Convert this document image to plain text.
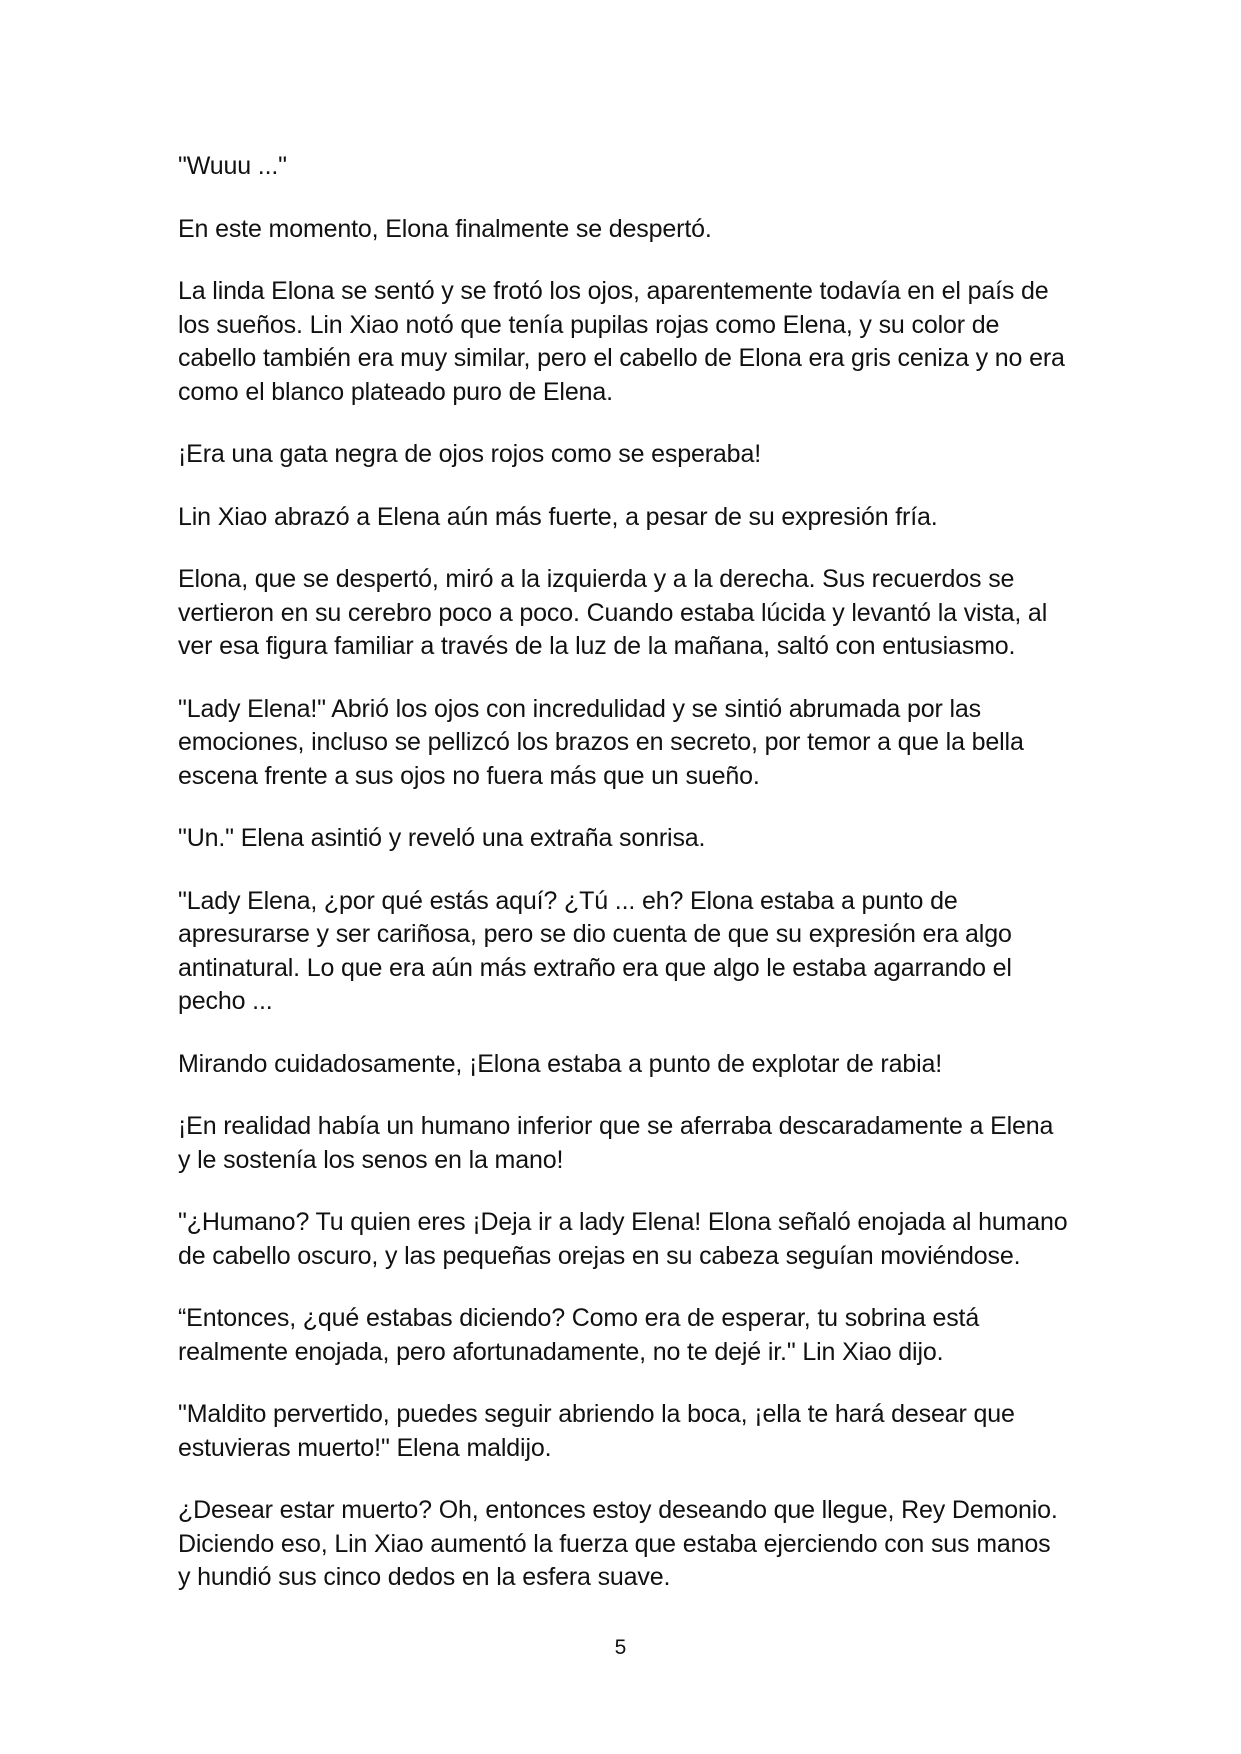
"Wuuu ..."

En este momento, Elona finalmente se despertó.

La linda Elona se sentó y se frotó los ojos, aparentemente todavía en el país de los sueños. Lin Xiao notó que tenía pupilas rojas como Elena, y su color de cabello también era muy similar, pero el cabello de Elona era gris ceniza y no era como el blanco plateado puro de Elena.

¡Era una gata negra de ojos rojos como se esperaba!

Lin Xiao abrazó a Elena aún más fuerte, a pesar de su expresión fría.

Elona, que se despertó, miró a la izquierda y a la derecha. Sus recuerdos se vertieron en su cerebro poco a poco. Cuando estaba lúcida y levantó la vista, al ver esa figura familiar a través de la luz de la mañana, saltó con entusiasmo.

"Lady Elena!" Abrió los ojos con incredulidad y se sintió abrumada por las emociones, incluso se pellizcó los brazos en secreto, por temor a que la bella escena frente a sus ojos no fuera más que un sueño.

"Un." Elena asintió y reveló una extraña sonrisa.

"Lady Elena, ¿por qué estás aquí? ¿Tú ... eh? Elona estaba a punto de apresurarse y ser cariñosa, pero se dio cuenta de que su expresión era algo antinatural. Lo que era aún más extraño era que algo le estaba agarrando el pecho ...

Mirando cuidadosamente, ¡Elona estaba a punto de explotar de rabia!

¡En realidad había un humano inferior que se aferraba descaradamente a Elena y le sostenía los senos en la mano!

"¿Humano? Tu quien eres ¡Deja ir a lady Elena! Elona señaló enojada al humano de cabello oscuro, y las pequeñas orejas en su cabeza seguían moviéndose.

“Entonces, ¿qué estabas diciendo? Como era de esperar, tu sobrina está realmente enojada, pero afortunadamente, no te dejé ir." Lin Xiao dijo.

"Maldito pervertido, puedes seguir abriendo la boca, ¡ella te hará desear que estuvieras muerto!" Elena maldijo.

¿Desear estar muerto? Oh, entonces estoy deseando que llegue, Rey Demonio. Diciendo eso, Lin Xiao aumentó la fuerza que estaba ejerciendo con sus manos y hundió sus cinco dedos en la esfera suave.

5
